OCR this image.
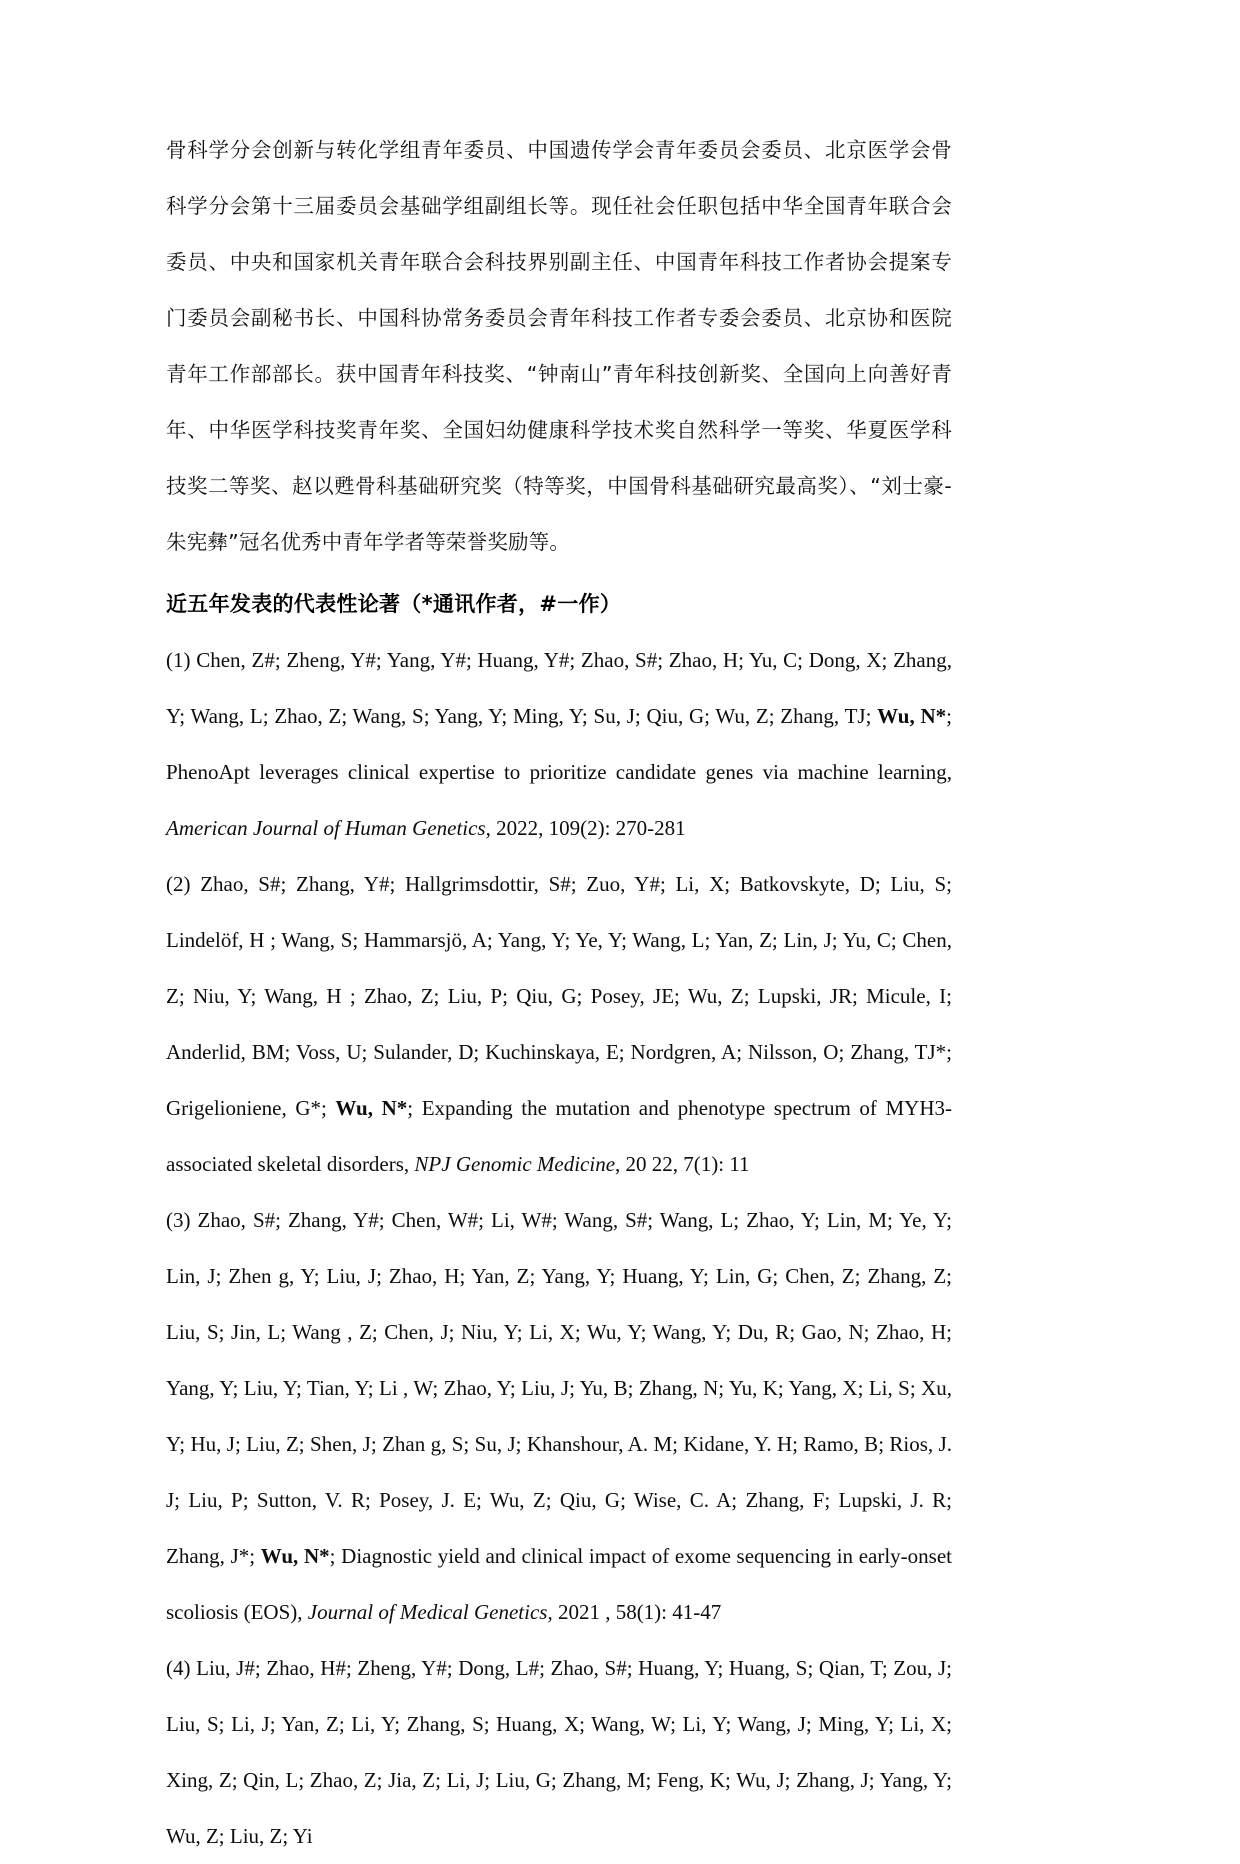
骨科学分会创新与转化学组青年委员、中国遗传学会青年委员会委员、北京医学会骨科学分会第十三届委员会基础学组副组长等。现任社会任职包括中华全国青年联合会委员、中央和国家机关青年联合会科技界别副主任、中国青年科技工作者协会提案专门委员会副秘书长、中国科协常务委员会青年科技工作者专委会委员、北京协和医院青年工作部部长。获中国青年科技奖、“钟南山”青年科技创新奖、全国向上向善好青年、中华医学科技奖青年奖、全国妇幼健康科学技术奖自然科学一等奖、华夏医学科技奖二等奖、赵以甦骨科基础研究奖（特等奖，中国骨科基础研究最高奖）、“刘士豪-朱宪彝”冠名优秀中青年学者等荣誉奖励等。

近五年发表的代表性论著（*通讯作者，#一作）

(1) Chen, Z#; Zheng, Y#; Yang, Y#; Huang, Y#; Zhao, S#; Zhao, H; Yu, C; Dong, X; Zhang, Y; Wang, L; Zhao, Z; Wang, S; Yang, Y; Ming, Y; Su, J; Qiu, G; Wu, Z; Zhang, TJ; Wu, N*; PhenoApt leverages clinical expertise to prioritize candidate genes via machine learning, American Journal of Human Genetics, 2022, 109(2): 270-281

(2) Zhao, S#; Zhang, Y#; Hallgrimsdottir, S#; Zuo, Y#; Li, X; Batkovskyte, D; Liu, S; Lindelöf, H ; Wang, S; Hammarsjö, A; Yang, Y; Ye, Y; Wang, L; Yan, Z; Lin, J; Yu, C; Chen, Z; Niu, Y; Wang, H ; Zhao, Z; Liu, P; Qiu, G; Posey, JE; Wu, Z; Lupski, JR; Micule, I; Anderlid, BM; Voss, U; Sulander, D; Kuchinskaya, E; Nordgren, A; Nilsson, O; Zhang, TJ*; Grigelioniene, G*; Wu, N*; Expanding the mutation and phenotype spectrum of MYH3-associated skeletal disorders, NPJ Genomic Medicine, 20 22, 7(1): 11

(3) Zhao, S#; Zhang, Y#; Chen, W#; Li, W#; Wang, S#; Wang, L; Zhao, Y; Lin, M; Ye, Y; Lin, J; Zhen g, Y; Liu, J; Zhao, H; Yan, Z; Yang, Y; Huang, Y; Lin, G; Chen, Z; Zhang, Z; Liu, S; Jin, L; Wang , Z; Chen, J; Niu, Y; Li, X; Wu, Y; Wang, Y; Du, R; Gao, N; Zhao, H; Yang, Y; Liu, Y; Tian, Y; Li , W; Zhao, Y; Liu, J; Yu, B; Zhang, N; Yu, K; Yang, X; Li, S; Xu, Y; Hu, J; Liu, Z; Shen, J; Zhan g, S; Su, J; Khanshour, A. M; Kidane, Y. H; Ramo, B; Rios, J. J; Liu, P; Sutton, V. R; Posey, J. E; Wu, Z; Qiu, G; Wise, C. A; Zhang, F; Lupski, J. R; Zhang, J*; Wu, N*; Diagnostic yield and clinical impact of exome sequencing in early-onset scoliosis (EOS), Journal of Medical Genetics, 2021 , 58(1): 41-47

(4) Liu, J#; Zhao, H#; Zheng, Y#; Dong, L#; Zhao, S#; Huang, Y; Huang, S; Qian, T; Zou, J; Liu, S; Li, J; Yan, Z; Li, Y; Zhang, S; Huang, X; Wang, W; Li, Y; Wang, J; Ming, Y; Li, X; Xing, Z; Qin, L; Zhao, Z; Jia, Z; Li, J; Liu, G; Zhang, M; Feng, K; Wu, J; Zhang, J; Yang, Y; Wu, Z; Liu, Z; Yi
